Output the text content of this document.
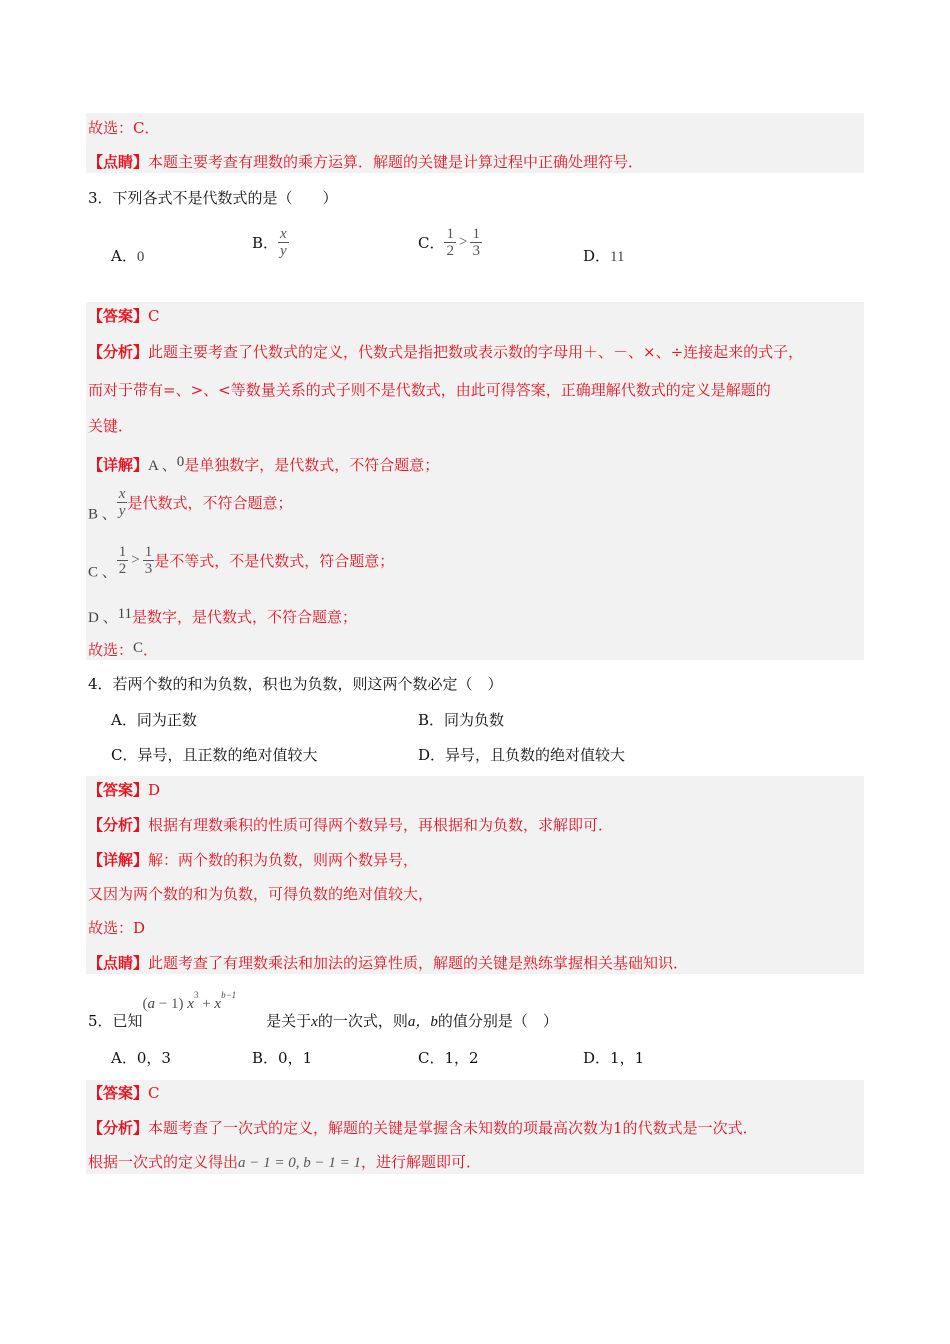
故选：C．
【点睛】本题主要考查有理数的乘方运算．解题的关键是计算过程中正确处理符号．
3．下列各式不是代数式的是（　　）
A．0
B． $\frac{x}{y}$	C． $\frac{1}{2} > \frac{1}{3}$	D．11
【答案】C
【分析】此题主要考查了代数式的定义，代数式是指把数或表示数的字母用＋、－、×、÷连接起来的式子，
而对于带有=、>、<等数量关系的式子则不是代数式，由此可得答案，正确理解代数式的定义是解题的
关键．
【详解】A 、0是单独数字，是代数式，不符合题意；
B 、 $\frac{x}{y}$ 是代数式，不符合题意；
C 、 $\frac{1}{2} > \frac{1}{3}$ 是不等式，不是代数式，符合题意；
D 、11是数字，是代数式，不符合题意；
故选：C．
4．若两个数的和为负数，积也为负数，则这两个数必定（　）
A．同为正数	B．同为负数
C．异号，且正数的绝对值较大	D．异号，且负数的绝对值较大
【答案】D
【分析】根据有理数乘积的性质可得两个数异号，再根据和为负数，求解即可．
【详解】解：两个数的积为负数，则两个数异号，
又因为两个数的和为负数，可得负数的绝对值较大，
故选：D
【点睛】此题考查了有理数乘法和加法的运算性质，解题的关键是熟练掌握相关基础知识．
5．已知(a − 1) $x^3 + x^{b-1}$是关于x的一次式，则a，b的值分别是（　）
A．0，3	B．0，1	C．1，2	D．1，1
【答案】C
【分析】本题考查了一次式的定义，解题的关键是掌握含未知数的项最高次数为1的代数式是一次式．
根据一次式的定义得出a − 1 = 0, b − 1 = 1，进行解题即可．
